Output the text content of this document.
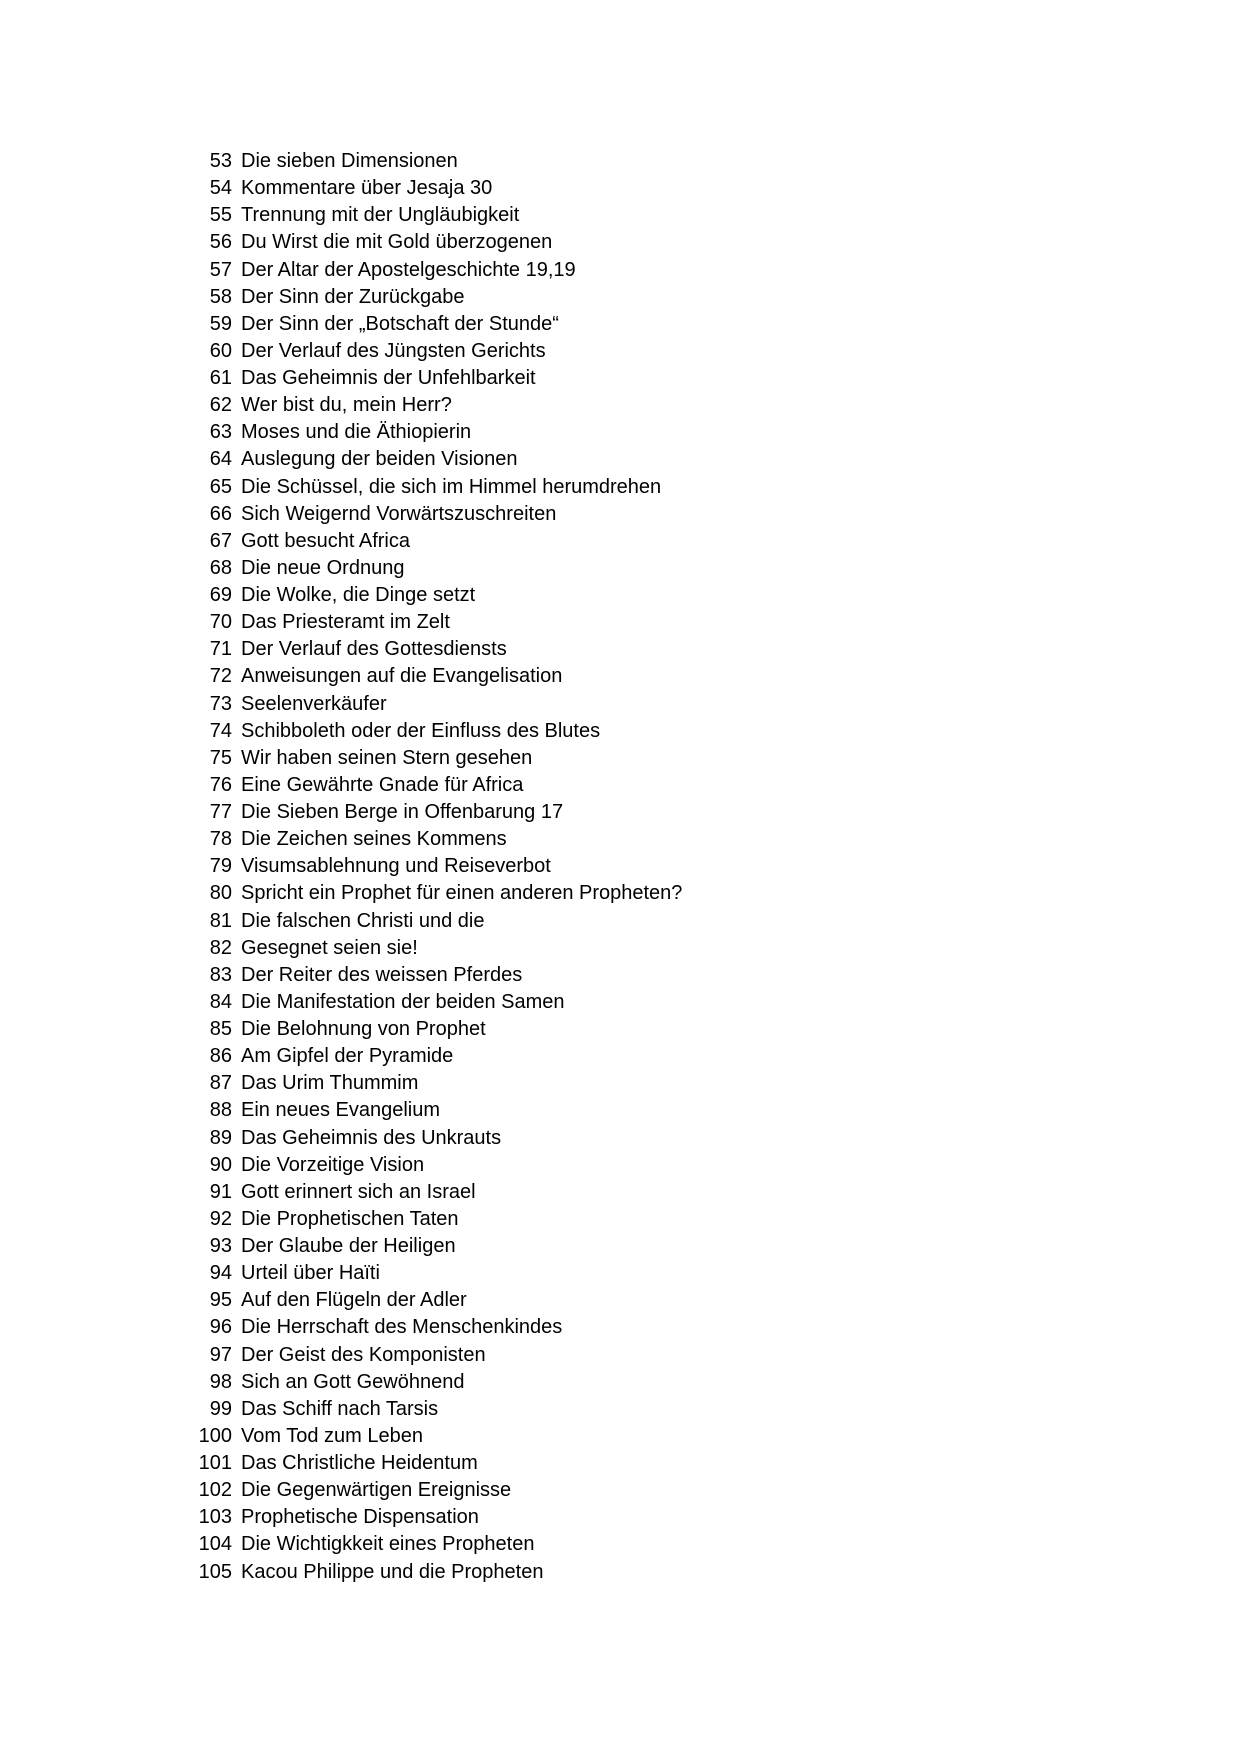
53 Die sieben Dimensionen
54 Kommentare über Jesaja 30
55 Trennung mit der Ungläubigkeit
56 Du Wirst die mit Gold überzogenen
57 Der Altar der Apostelgeschichte 19,19
58 Der Sinn der Zurückgabe
59 Der Sinn der „Botschaft der Stunde“
60 Der Verlauf des Jüngsten Gerichts
61 Das Geheimnis der Unfehlbarkeit
62 Wer bist du, mein Herr?
63 Moses und die Äthiopierin
64 Auslegung der beiden Visionen
65 Die Schüssel, die sich im Himmel herumdrehen
66 Sich Weigernd Vorwärtszuschreiten
67 Gott besucht Africa
68 Die neue Ordnung
69 Die Wolke, die Dinge setzt
70 Das Priesteramt im Zelt
71 Der Verlauf des Gottesdiensts
72 Anweisungen auf die Evangelisation
73 Seelenverkäufer
74 Schibboleth oder der Einfluss des Blutes
75 Wir haben seinen Stern gesehen
76 Eine Gewährte Gnade für Africa
77 Die Sieben Berge in Offenbarung 17
78 Die Zeichen seines Kommens
79 Visumsablehnung und Reiseverbot
80 Spricht ein Prophet für einen anderen Propheten?
81 Die falschen Christi und die
82 Gesegnet seien sie!
83 Der Reiter des weissen Pferdes
84 Die Manifestation der beiden Samen
85 Die Belohnung von Prophet
86 Am Gipfel der Pyramide
87 Das Urim Thummim
88 Ein neues Evangelium
89 Das Geheimnis des Unkrauts
90 Die Vorzeitige Vision
91 Gott erinnert sich an Israel
92 Die Prophetischen Taten
93 Der Glaube der Heiligen
94 Urteil über Haïti
95 Auf den Flügeln der Adler
96 Die Herrschaft des Menschenkindes
97 Der Geist des Komponisten
98 Sich an Gott Gewöhnend
99 Das Schiff nach Tarsis
100 Vom Tod zum Leben
101 Das Christliche Heidentum
102 Die Gegenwärtigen Ereignisse
103 Prophetische Dispensation
104 Die Wichtigkkeit eines Propheten
105 Kacou Philippe und die Propheten
